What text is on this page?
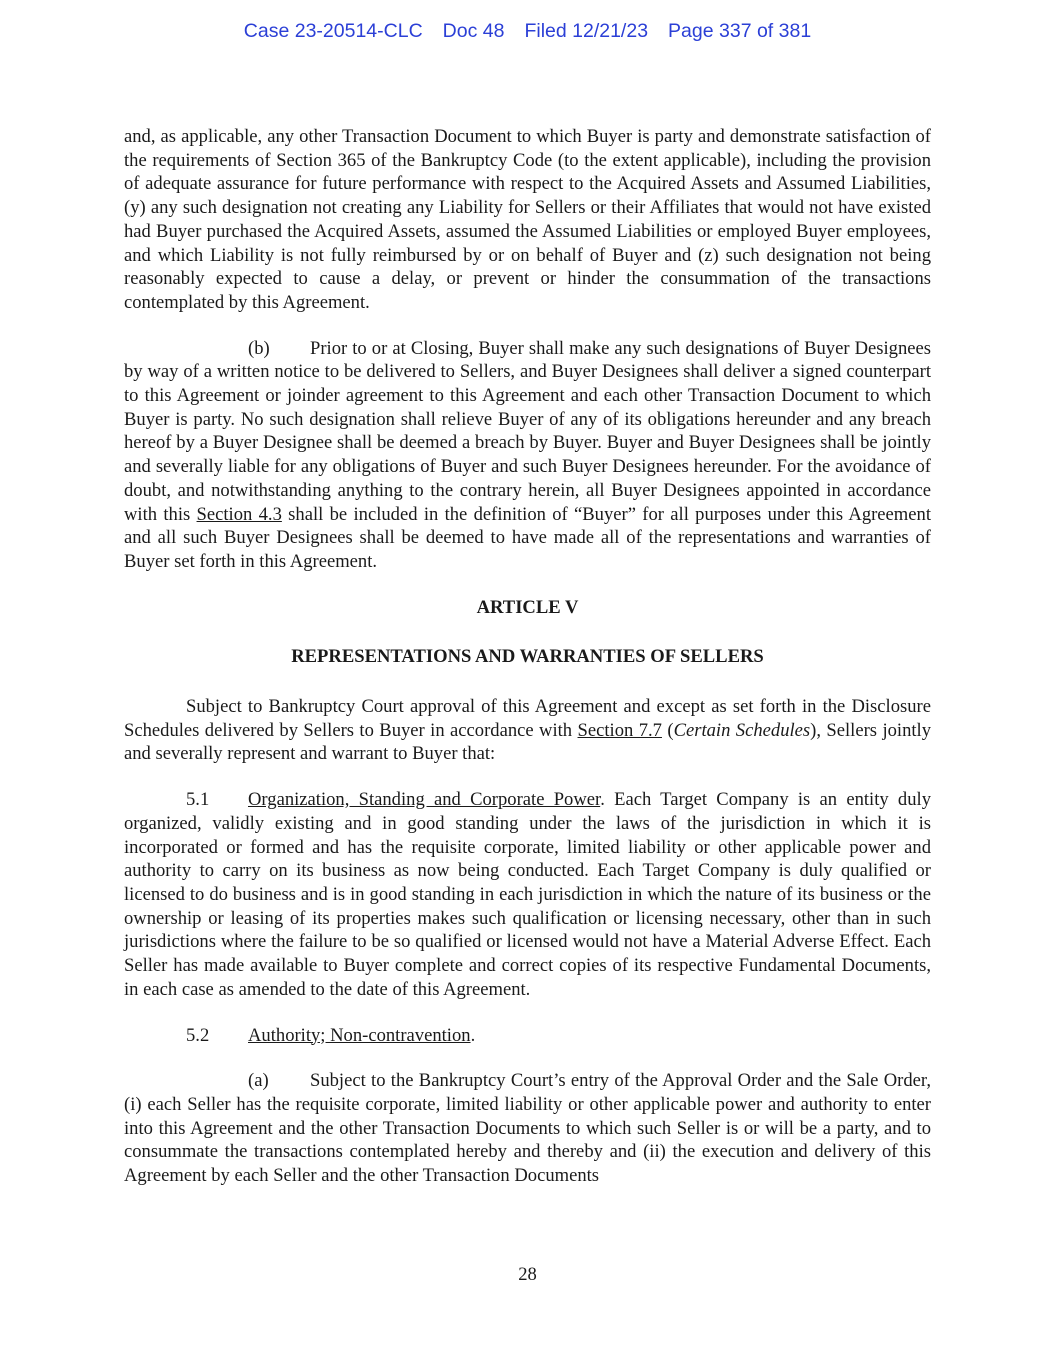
Case 23-20514-CLC Doc 48 Filed 12/21/23 Page 337 of 381

and, as applicable, any other Transaction Document to which Buyer is party and demonstrate satisfaction of the requirements of Section 365 of the Bankruptcy Code (to the extent applicable), including the provision of adequate assurance for future performance with respect to the Acquired Assets and Assumed Liabilities, (y) any such designation not creating any Liability for Sellers or their Affiliates that would not have existed had Buyer purchased the Acquired Assets, assumed the Assumed Liabilities or employed Buyer employees, and which Liability is not fully reimbursed by or on behalf of Buyer and (z) such designation not being reasonably expected to cause a delay, or prevent or hinder the consummation of the transactions contemplated by this Agreement.

(b) Prior to or at Closing, Buyer shall make any such designations of Buyer Designees by way of a written notice to be delivered to Sellers, and Buyer Designees shall deliver a signed counterpart to this Agreement or joinder agreement to this Agreement and each other Transaction Document to which Buyer is party. No such designation shall relieve Buyer of any of its obligations hereunder and any breach hereof by a Buyer Designee shall be deemed a breach by Buyer. Buyer and Buyer Designees shall be jointly and severally liable for any obligations of Buyer and such Buyer Designees hereunder. For the avoidance of doubt, and notwithstanding anything to the contrary herein, all Buyer Designees appointed in accordance with this Section 4.3 shall be included in the definition of “Buyer” for all purposes under this Agreement and all such Buyer Designees shall be deemed to have made all of the representations and warranties of Buyer set forth in this Agreement.

ARTICLE V
REPRESENTATIONS AND WARRANTIES OF SELLERS

Subject to Bankruptcy Court approval of this Agreement and except as set forth in the Disclosure Schedules delivered by Sellers to Buyer in accordance with Section 7.7 (Certain Schedules), Sellers jointly and severally represent and warrant to Buyer that:

5.1 Organization, Standing and Corporate Power. Each Target Company is an entity duly organized, validly existing and in good standing under the laws of the jurisdiction in which it is incorporated or formed and has the requisite corporate, limited liability or other applicable power and authority to carry on its business as now being conducted. Each Target Company is duly qualified or licensed to do business and is in good standing in each jurisdiction in which the nature of its business or the ownership or leasing of its properties makes such qualification or licensing necessary, other than in such jurisdictions where the failure to be so qualified or licensed would not have a Material Adverse Effect. Each Seller has made available to Buyer complete and correct copies of its respective Fundamental Documents, in each case as amended to the date of this Agreement.

5.2 Authority; Non-contravention.

(a) Subject to the Bankruptcy Court’s entry of the Approval Order and the Sale Order, (i) each Seller has the requisite corporate, limited liability or other applicable power and authority to enter into this Agreement and the other Transaction Documents to which such Seller is or will be a party, and to consummate the transactions contemplated hereby and thereby and (ii) the execution and delivery of this Agreement by each Seller and the other Transaction Documents

28
